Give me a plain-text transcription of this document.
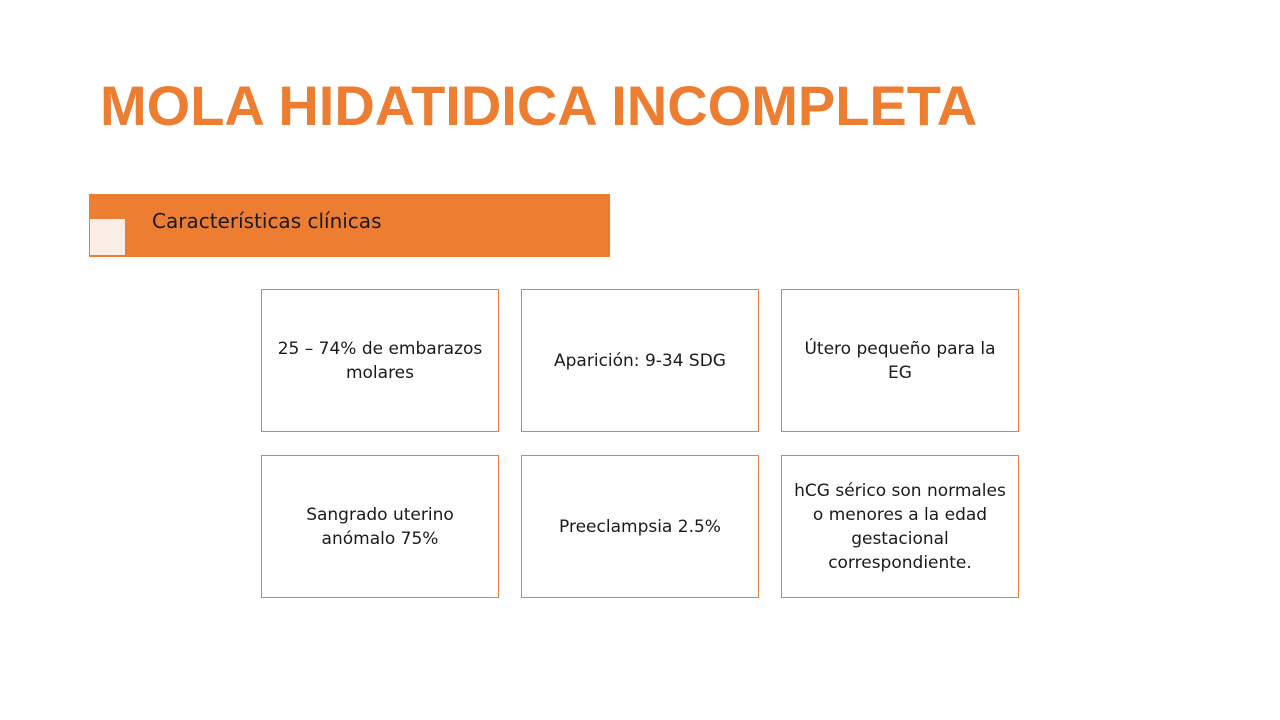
MOLA HIDATIDICA INCOMPLETA
Características clínicas
25 – 74% de embarazos molares
Aparición: 9-34 SDG
Útero pequeño para la EG
Sangrado uterino anómalo 75%
Preeclampsia 2.5%
hCG sérico son normales o menores a la edad gestacional correspondiente.
